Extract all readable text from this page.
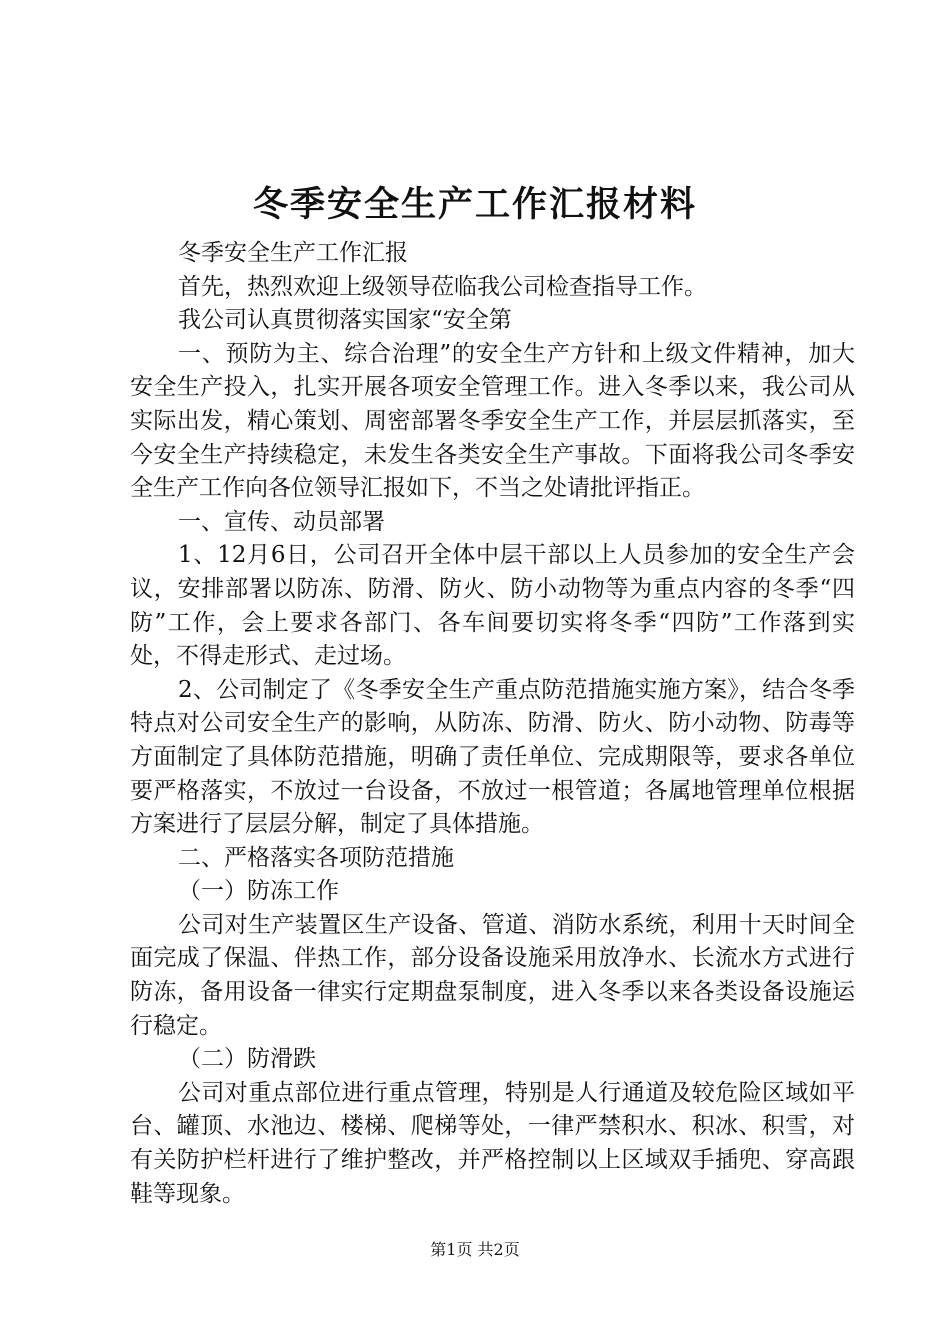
冬季安全生产工作汇报材料

冬季安全生产工作汇报

首先，热烈欢迎上级领导莅临我公司检查指导工作。

我公司认真贯彻落实国家“安全第

一、预防为主、综合治理”的安全生产方针和上级文件精神，加大安全生产投入，扎实开展各项安全管理工作。进入冬季以来，我公司从实际出发，精心策划、周密部署冬季安全生产工作，并层层抓落实，至今安全生产持续稳定，未发生各类安全生产事故。下面将我公司冬季安全生产工作向各位领导汇报如下，不当之处请批评指正。

一、宣传、动员部署

1、12月6日，公司召开全体中层干部以上人员参加的安全生产会议，安排部署以防冻、防滑、防火、防小动物等为重点内容的冬季“四防”工作，会上要求各部门、各车间要切实将冬季“四防”工作落到实处，不得走形式、走过场。

2、公司制定了《冬季安全生产重点防范措施实施方案》，结合冬季特点对公司安全生产的影响，从防冻、防滑、防火、防小动物、防毒等方面制定了具体防范措施，明确了责任单位、完成期限等，要求各单位要严格落实，不放过一台设备，不放过一根管道；各属地管理单位根据方案进行了层层分解，制定了具体措施。

二、严格落实各项防范措施

（一）防冻工作

公司对生产装置区生产设备、管道、消防水系统，利用十天时间全面完成了保温、伴热工作，部分设备设施采用放净水、长流水方式进行防冻，备用设备一律实行定期盘泵制度，进入冬季以来各类设备设施运行稳定。

（二）防滑跌

公司对重点部位进行重点管理，特别是人行通道及较危险区域如平台、罐顶、水池边、楼梯、爬梯等处，一律严禁积水、积冰、积雪，对有关防护栏杆进行了维护整改，并严格控制以上区域双手插兜、穿高跟鞋等现象。

第1页 共2页
